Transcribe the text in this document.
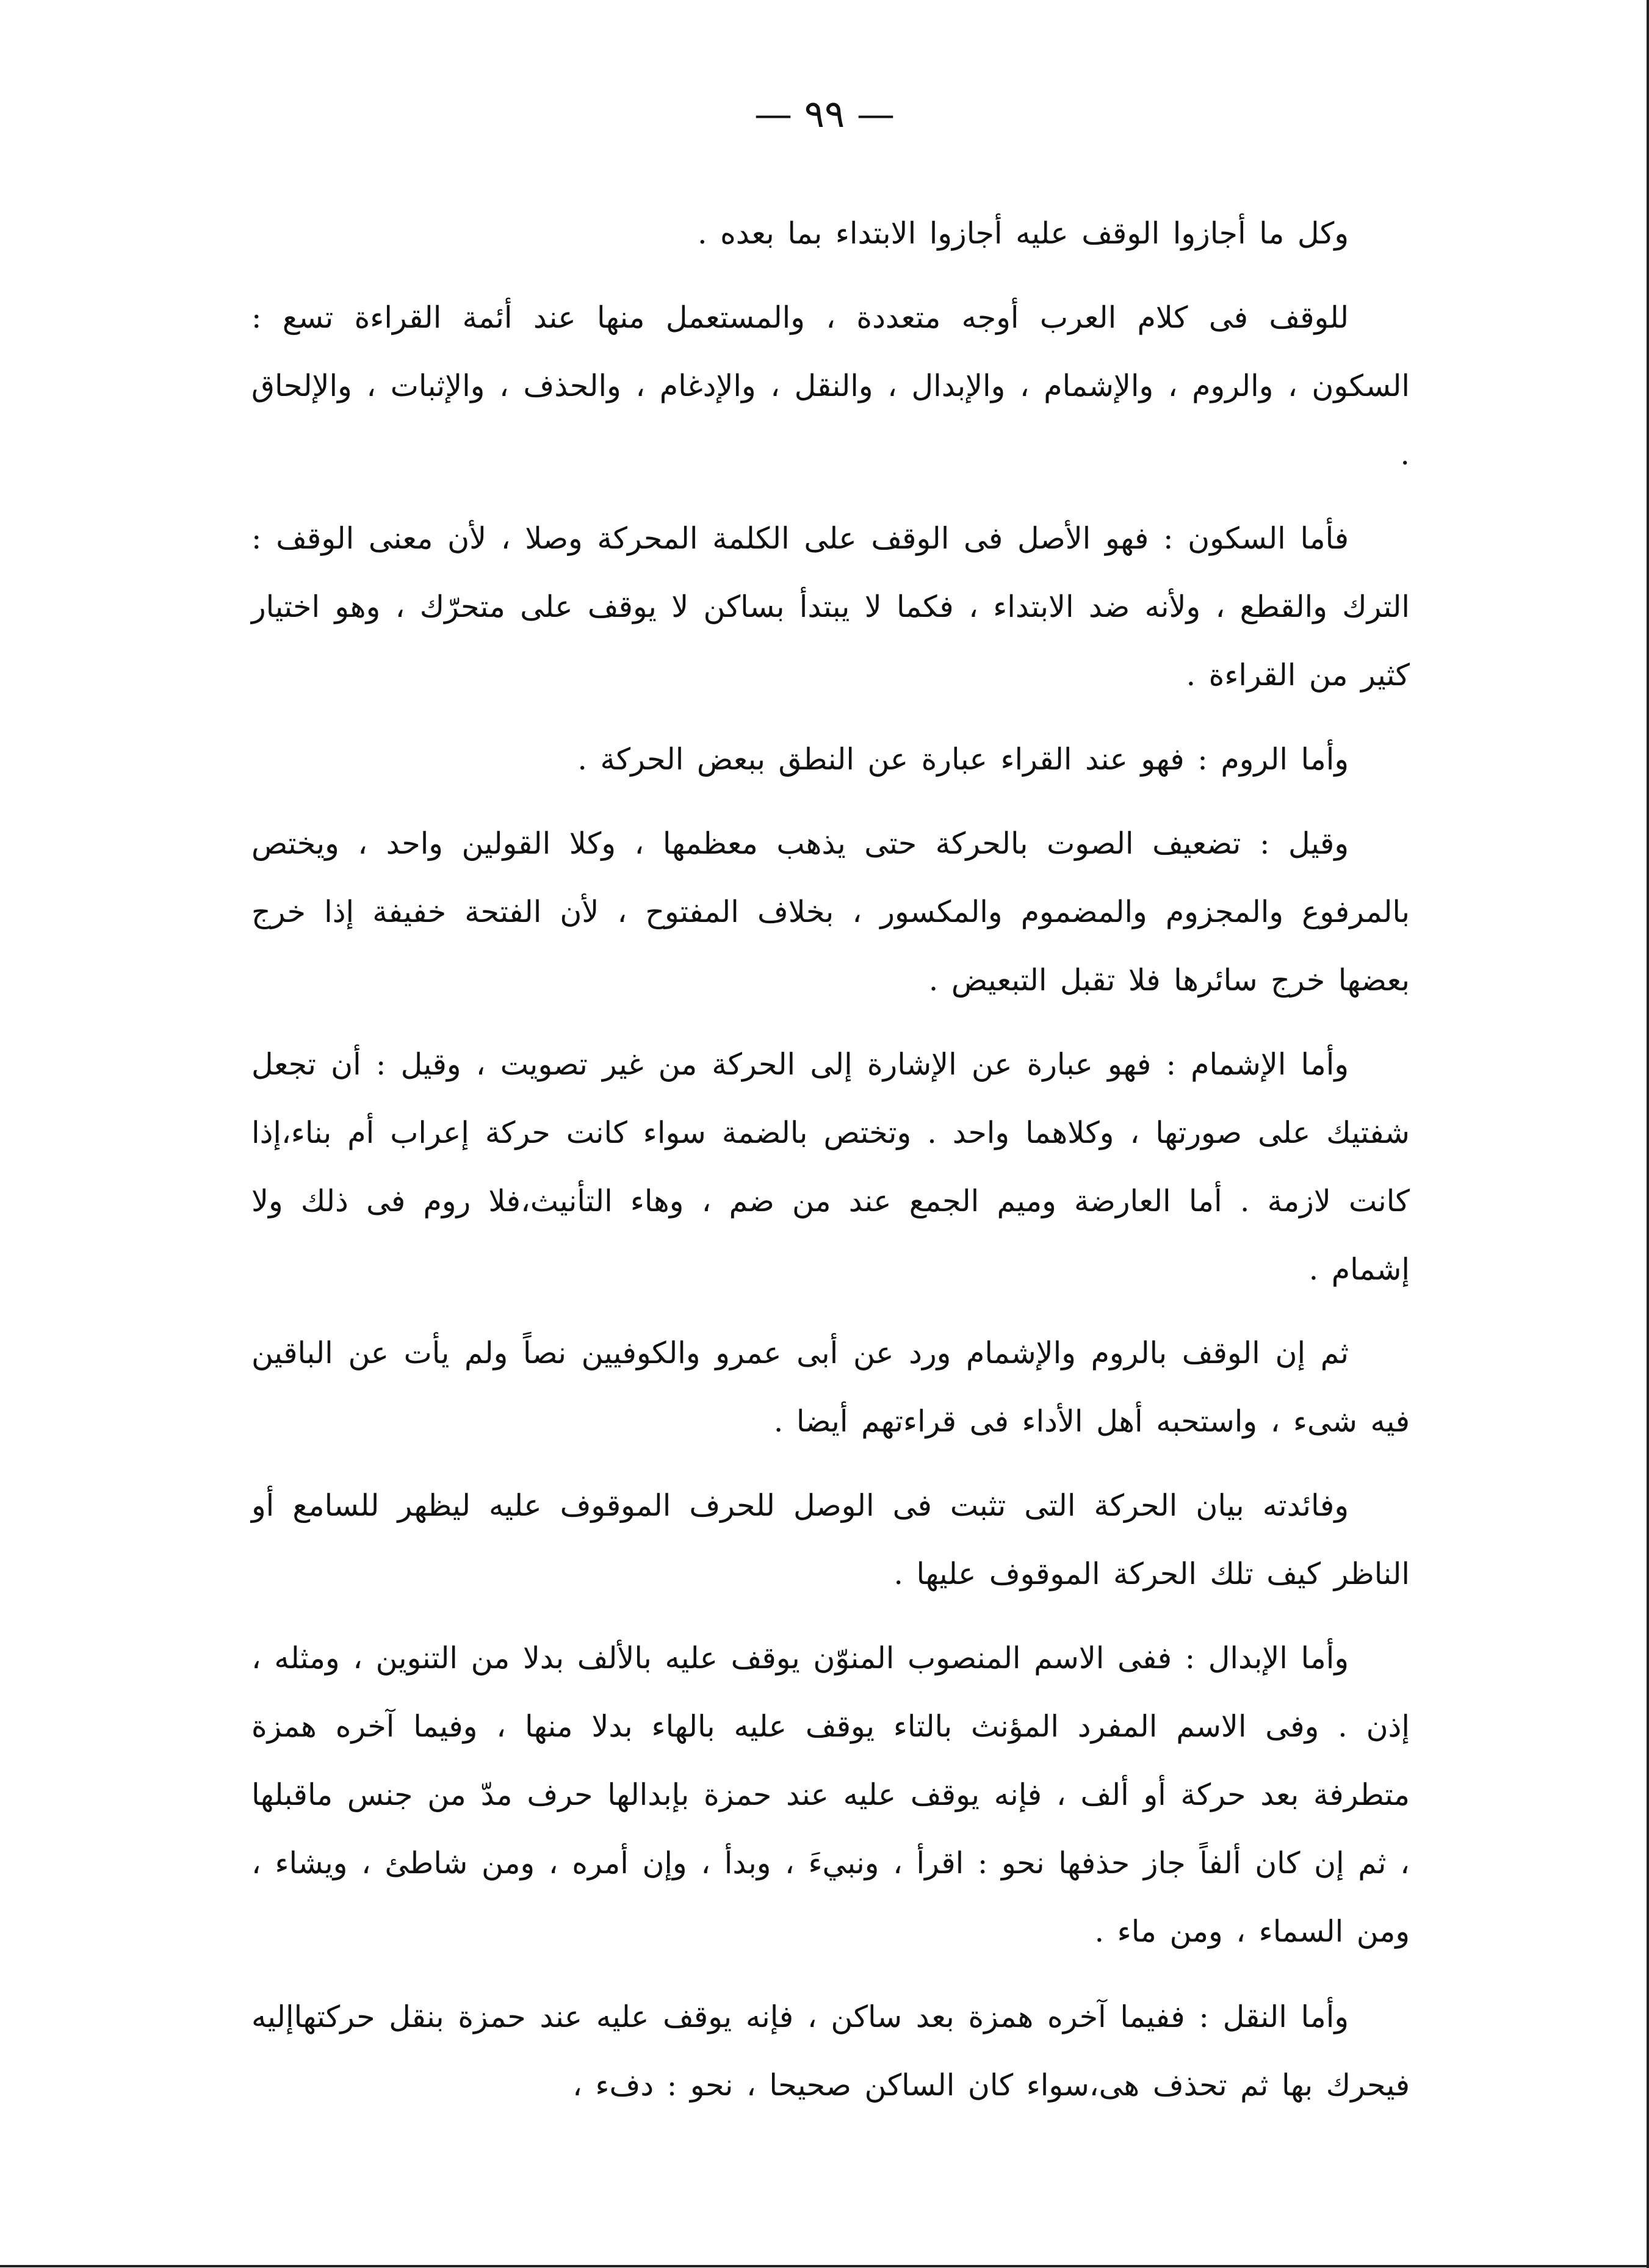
— ٩٩ —

وكل ما أجازوا الوقف عليه أجازوا الابتداء بما بعده .

للوقف فى كلام العرب أوجه متعددة ، والمستعمل منها عند أئمة القراءة تسع : السكون ، والروم ، والإشمام ، والإبدال ، والنقل ، والإدغام ، والحذف ، والإثبات ، والإلحاق .

فأما السكون : فهو الأصل فى الوقف على الكلمة المحركة وصلا ، لأن معنى الوقف : الترك والقطع ، ولأنه ضد الابتداء ، فكما لا يبتدأ بساكن لا يوقف على متحرّك ، وهو اختيار كثير من القراءة .

وأما الروم : فهو عند القراء عبارة عن النطق ببعض الحركة .

وقيل : تضعيف الصوت بالحركة حتى يذهب معظمها ، وكلا القولين واحد ، ويختص بالمرفوع والمجزوم والمضموم والمكسور ، بخلاف المفتوح ، لأن الفتحة خفيفة إذا خرج بعضها خرج سائرها فلا تقبل التبعيض .

وأما الإشمام : فهو عبارة عن الإشارة إلى الحركة من غير تصويت ، وقيل : أن تجعل شفتيك على صورتها ، وكلاهما واحد . وتختص بالضمة سواء كانت حركة إعراب أم بناء،إذا كانت لازمة . أما العارضة وميم الجمع عند من ضم ، وهاء التأنيث،فلا روم فى ذلك ولا إشمام .

ثم إن الوقف بالروم والإشمام ورد عن أبى عمرو والكوفيين نصاً ولم يأت عن الباقين فيه شىء ، واستحبه أهل الأداء فى قراءتهم أيضا .

وفائدته بيان الحركة التى تثبت فى الوصل للحرف الموقوف عليه ليظهر للسامع أو الناظر كيف تلك الحركة الموقوف عليها .

وأما الإبدال : ففى الاسم المنصوب المنوّن يوقف عليه بالألف بدلا من التنوين ، ومثله ، إذن . وفى الاسم المفرد المؤنث بالتاء يوقف عليه بالهاء بدلا منها ، وفيما آخره همزة متطرفة بعد حركة أو ألف ، فإنه يوقف عليه عند حمزة بإبدالها حرف مدّ من جنس ماقبلها ، ثم إن كان ألفاً جاز حذفها نحو : اقرأ ، ونبيءَ ، وبدأ ، وإن أمره ، ومن شاطئ ، ويشاء ، ومن السماء ، ومن ماء .

وأما النقل : ففيما آخره همزة بعد ساكن ، فإنه يوقف عليه عند حمزة بنقل حركتهاإليه فيحرك بها ثم تحذف هى،سواء كان الساكن صحيحا ، نحو : دفء ،
